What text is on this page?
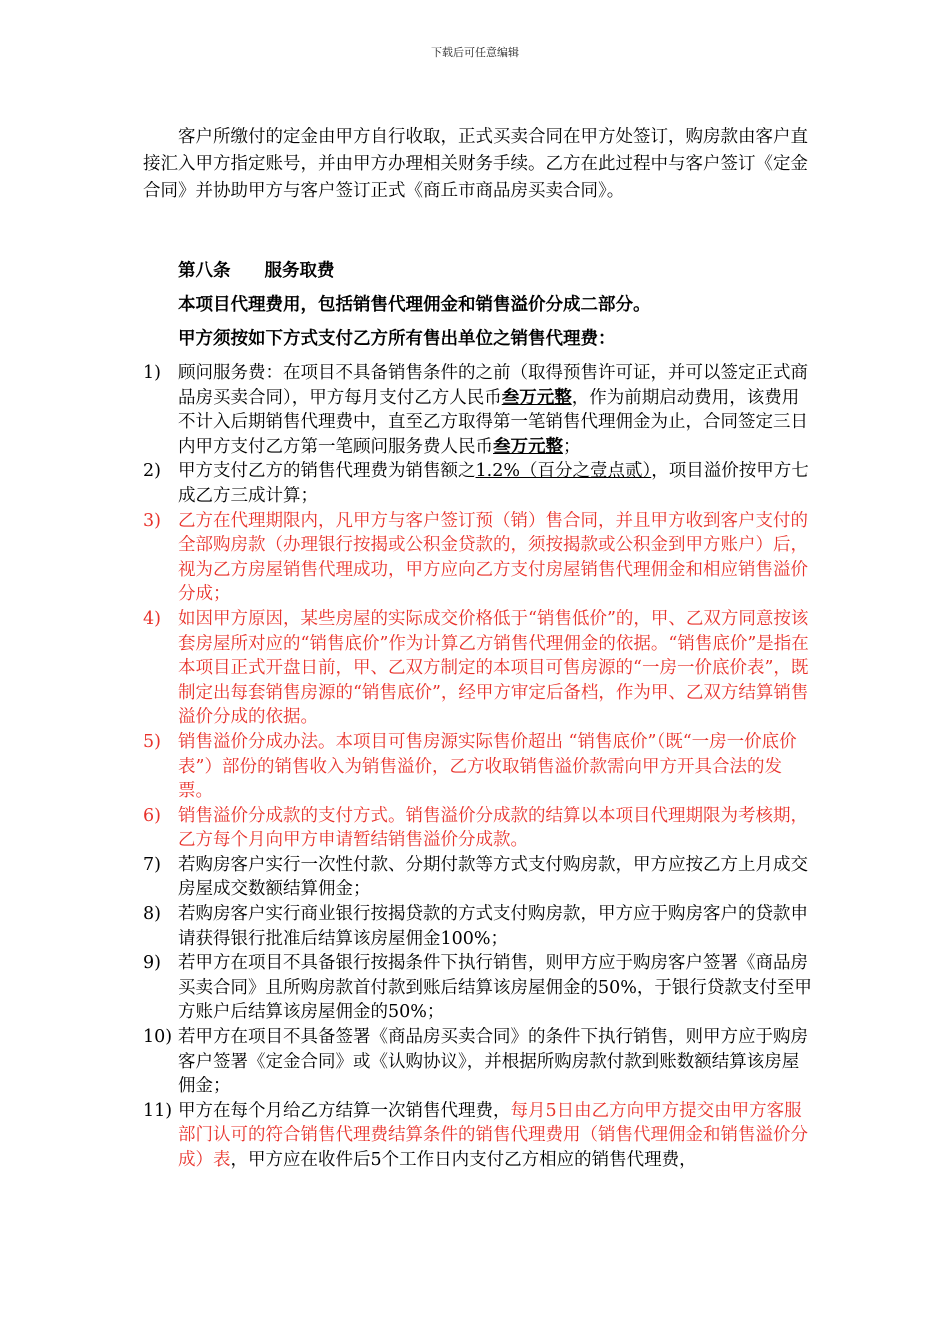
下载后可任意编辑
客户所缴付的定金由甲方自行收取，正式买卖合同在甲方处签订，购房款由客户直接汇入甲方指定账号，并由甲方办理相关财务手续。乙方在此过程中与客户签订《定金合同》并协助甲方与客户签订正式《商丘市商品房买卖合同》。
第八条 服务取费
本项目代理费用，包括销售代理佣金和销售溢价分成二部分。
甲方须按如下方式支付乙方所有售出单位之销售代理费：
1) 顾问服务费：在项目不具备销售条件的之前（取得预售许可证，并可以签定正式商品房买卖合同），甲方每月支付乙方人民币叁万元整，作为前期启动费用，该费用不计入后期销售代理费中，直至乙方取得第一笔销售代理佣金为止，合同签定三日内甲方支付乙方第一笔顾问服务费人民币叁万元整；
2) 甲方支付乙方的销售代理费为销售额之1.2%（百分之壹点贰），项目溢价按甲方七成乙方三成计算；
3) 乙方在代理期限内，凡甲方与客户签订预（销）售合同，并且甲方收到客户支付的全部购房款（办理银行按揭或公积金贷款的，须按揭款或公积金到甲方账户）后，视为乙方房屋销售代理成功，甲方应向乙方支付房屋销售代理佣金和相应销售溢价分成；
4) 如因甲方原因，某些房屋的实际成交价格低于“销售低价”的，甲、乙双方同意按该套房屋所对应的“销售底价”作为计算乙方销售代理佣金的依据。“销售底价”是指在本项目正式开盘日前，甲、乙双方制定的本项目可售房源的“一房一价底价表”，既制定出每套销售房源的“销售底价”，经甲方审定后备档，作为甲、乙双方结算销售溢价分成的依据。
5) 销售溢价分成办法。本项目可售房源实际售价超出 “销售底价”（既“一房一价底价表”）部份的销售收入为销售溢价，乙方收取销售溢价款需向甲方开具合法的发票。
6) 销售溢价分成款的支付方式。销售溢价分成款的结算以本项目代理期限为考核期，乙方每个月向甲方申请暂结销售溢价分成款。
7) 若购房客户实行一次性付款、分期付款等方式支付购房款，甲方应按乙方上月成交房屋成交数额结算佣金；
8) 若购房客户实行商业银行按揭贷款的方式支付购房款，甲方应于购房客户的贷款申请获得银行批准后结算该房屋佣金100%；
9) 若甲方在项目不具备银行按揭条件下执行销售，则甲方应于购房客户签署《商品房买卖合同》且所购房款首付款到账后结算该房屋佣金的50%，于银行贷款支付至甲方账户后结算该房屋佣金的50%；
10) 若甲方在项目不具备签署《商品房买卖合同》的条件下执行销售，则甲方应于购房客户签署《定金合同》或《认购协议》，并根据所购房款付款到账数额结算该房屋佣金；
11) 甲方在每个月给乙方结算一次销售代理费，每月5日由乙方向甲方提交由甲方客服部门认可的符合销售代理费结算条件的销售代理费用（销售代理佣金和销售溢价分成）表，甲方应在收件后5个工作日内支付乙方相应的销售代理费，
